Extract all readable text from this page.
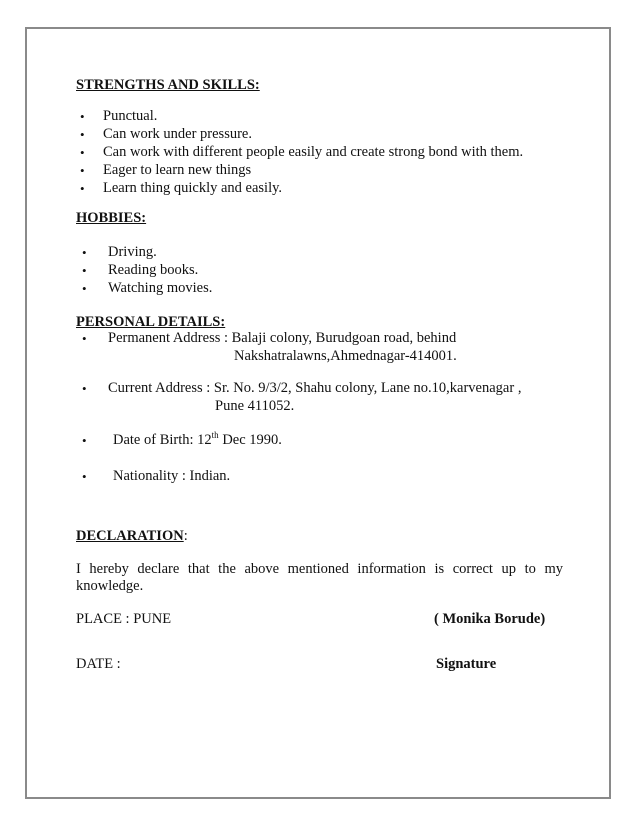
STRENGTHS AND SKILLS:
• Punctual.
• Can work under pressure.
• Can work with different people easily and create strong bond with them.
• Eager to learn new things
• Learn thing quickly and easily.
HOBBIES:
• Driving.
• Reading books.
• Watching movies.
PERSONAL DETAILS:
• Permanent Address : Balaji colony, Burudgoan road, behind
Nakshatralawns,Ahmednagar-414001.
• Current Address : Sr. No. 9/3/2, Shahu colony, Lane no.10,karvenagar ,
Pune 411052.
• Date of Birth: 12th Dec 1990.
• Nationality : Indian.
DECLARATION:
I hereby declare that the above mentioned information is correct up to my knowledge.
PLACE : PUNE	( Monika Borude)
DATE :	Signature
